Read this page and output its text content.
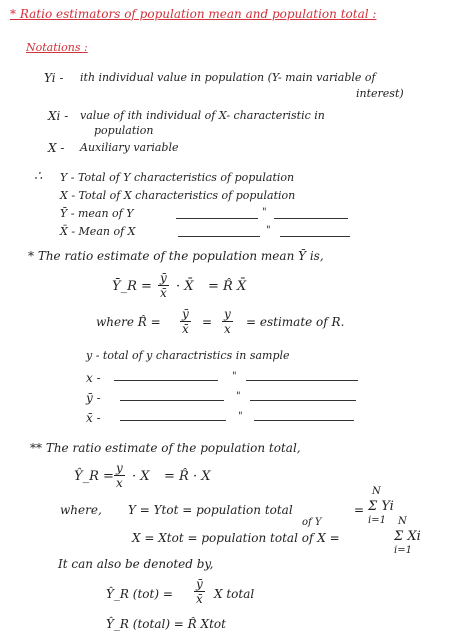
* Ratio estimators of population mean and population total :
Notations :
Yi - ith individual value in population (Y- main variable of
interest)
Xi - value of ith individual of X- characteristic in
population
X - Auxiliary variable
∴ Y - Total of Y characteristics of population
X - Total of X characteristics of population
Ȳ - mean of Y	"
X̄ - Mean of X	"
* The ratio estimate of the population mean Ȳ is,
Ȳ_R = $\frac{ȳ}{x̄}$ · X̄ = R̂ X̄
where R̂ = $\frac{ȳ}{x̄} = \frac{y}{x}$ = estimate of R.
y - total of y charactristics in sample
x -	"
ȳ -	"
x̄ -	"
** The ratio estimate of the population total,
Ŷ_R = $\frac{y}{x} \cdot X$ = R̂ · X
where, Y = Ytot = population total
of Y
=
N
Σ Yi
i=1
X = Xtot = population total of X =
N
Σ Xi
i=1
It can also be denoted by,
Ŷ_R $(tot) = \frac{ȳ}{x̄}$ X total
Ŷ_R (total) = R̂ Xtot
